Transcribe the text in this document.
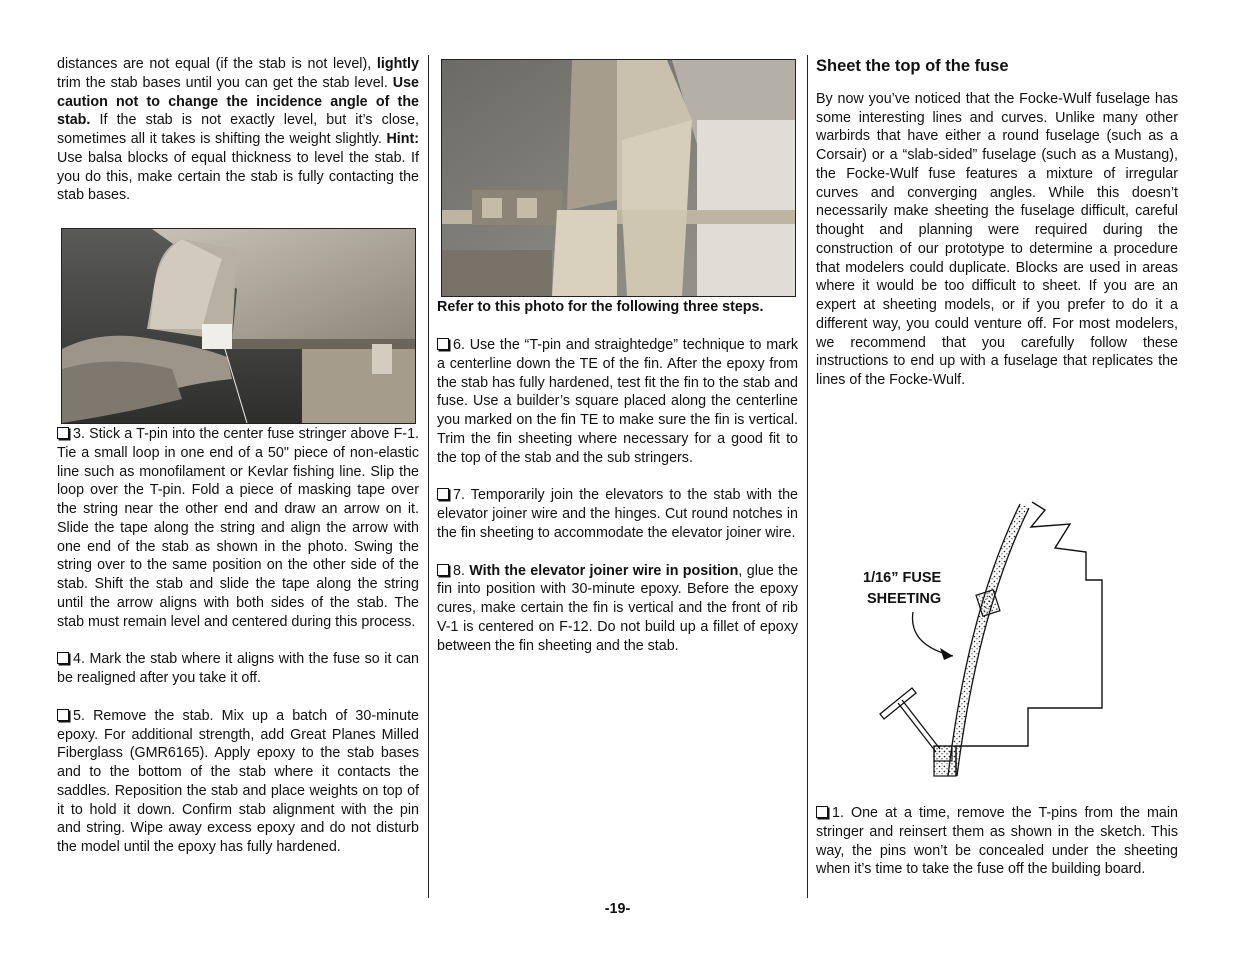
distances are not equal (if the stab is not level), lightly trim the stab bases until you can get the stab level. Use caution not to change the incidence angle of the stab. If the stab is not exactly level, but it’s close, sometimes all it takes is shifting the weight slightly. Hint: Use balsa blocks of equal thickness to level the stab. If you do this, make certain the stab is fully contacting the stab bases.

3. Stick a T-pin into the center fuse stringer above F-1. Tie a small loop in one end of a 50" piece of non-elastic line such as monofilament or Kevlar fishing line. Slip the loop over the T-pin. Fold a piece of masking tape over the string near the other end and draw an arrow on it. Slide the tape along the string and align the arrow with one end of the stab as shown in the photo. Swing the string over to the same position on the other side of the stab. Shift the stab and slide the tape along the string until the arrow aligns with both sides of the stab. The stab must remain level and centered during this process.

4. Mark the stab where it aligns with the fuse so it can be realigned after you take it off.

5. Remove the stab. Mix up a batch of 30-minute epoxy. For additional strength, add Great Planes Milled Fiberglass (GMR6165). Apply epoxy to the stab bases and to the bottom of the stab where it contacts the saddles. Reposition the stab and place weights on top of it to hold it down. Confirm stab alignment with the pin and string. Wipe away excess epoxy and do not disturb the model until the epoxy has fully hardened.

Refer to this photo for the following three steps.

6. Use the “T-pin and straightedge” technique to mark a centerline down the TE of the fin. After the epoxy from the stab has fully hardened, test fit the fin to the stab and fuse. Use a builder’s square placed along the centerline you marked on the fin TE to make sure the fin is vertical. Trim the fin sheeting where necessary for a good fit to the top of the stab and the sub stringers.

7. Temporarily join the elevators to the stab with the elevator joiner wire and the hinges. Cut round notches in the fin sheeting to accommodate the elevator joiner wire.

8. With the elevator joiner wire in position, glue the fin into position with 30-minute epoxy. Before the epoxy cures, make certain the fin is vertical and the front of rib V-1 is centered on F-12. Do not build up a fillet of epoxy between the fin sheeting and the stab.

Sheet the top of the fuse

By now you’ve noticed that the Focke-Wulf fuselage has some interesting lines and curves. Unlike many other warbirds that have either a round fuselage (such as a Corsair) or a “slab-sided” fuselage (such as a Mustang), the Focke-Wulf fuse features a mixture of irregular curves and converging angles. While this doesn’t necessarily make sheeting the fuselage difficult, careful thought and planning were required during the construction of our prototype to determine a procedure that modelers could duplicate. Blocks are used in areas where it would be too difficult to sheet. If you are an expert at sheeting models, or if you prefer to do it a different way, you could venture off. For most modelers, we recommend that you carefully follow these instructions to end up with a fuselage that replicates the lines of the Focke-Wulf.

1/16” FUSE
SHEETING

1. One at a time, remove the T-pins from the main stringer and reinsert them as shown in the sketch. This way, the pins won’t be concealed under the sheeting when it’s time to take the fuse off the building board.

-19-
